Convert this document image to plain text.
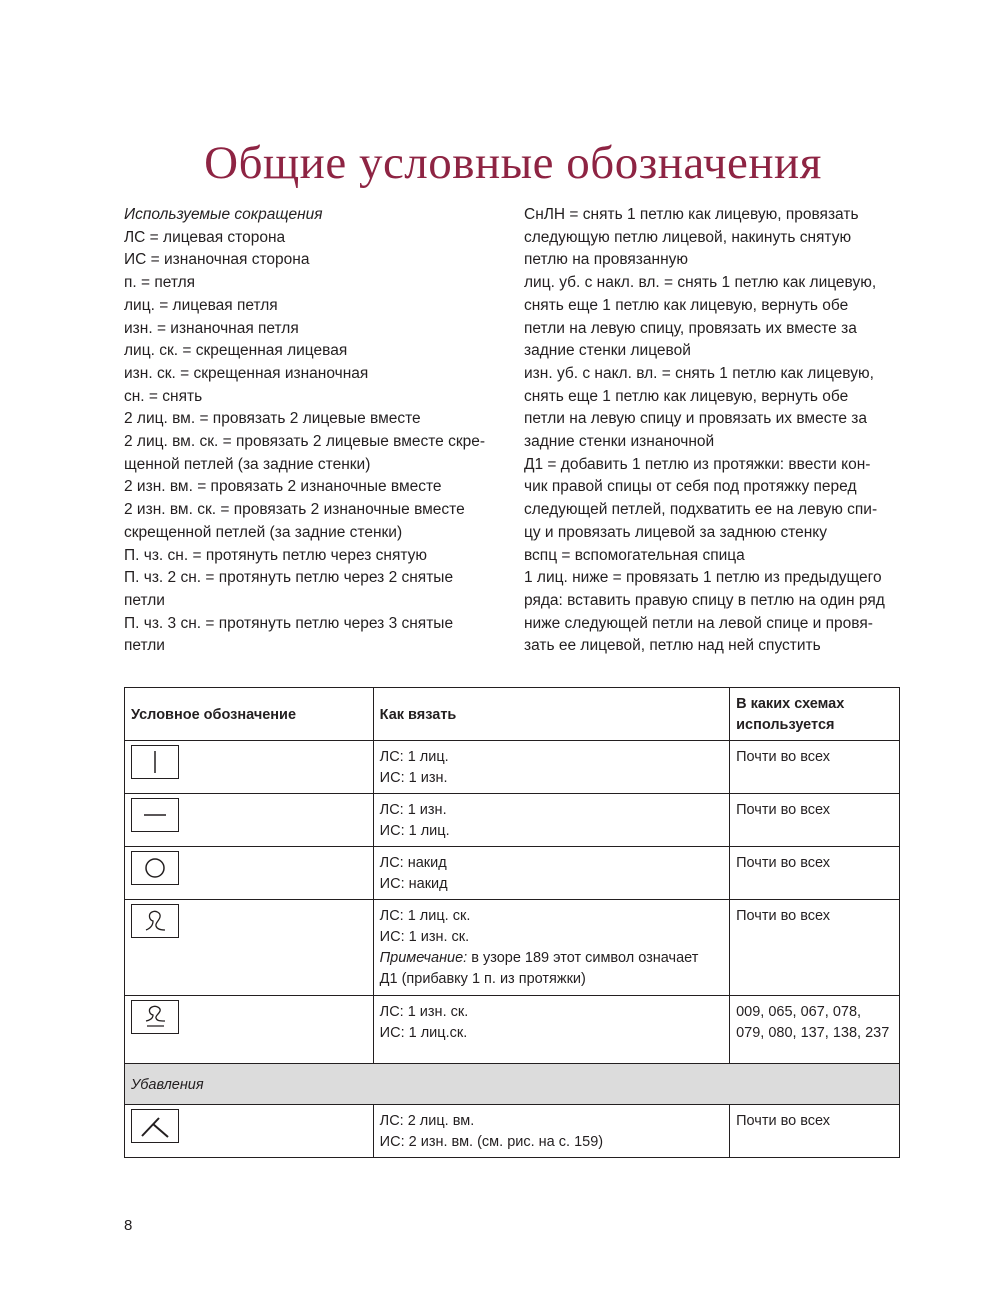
Общие условные обозначения
Используемые сокращения
ЛС = лицевая сторона
ИС = изнаночная сторона
п. = петля
лиц. = лицевая петля
изн. = изнаночная петля
лиц. ск. = скрещенная лицевая
изн. ск. = скрещенная изнаночная
сн. = снять
2 лиц. вм. = провязать 2 лицевые вместе
2 лиц. вм. ск. = провязать 2 лицевые вместе скре-
щенной петлей (за задние стенки)
2 изн. вм. = провязать 2 изнаночные вместе
2 изн. вм. ск. = провязать 2 изнаночные вместе
скрещенной петлей (за задние стенки)
П. чз. сн. = протянуть петлю через снятую
П. чз. 2 сн. = протянуть петлю через 2 снятые
петли
П. чз. 3 сн. = протянуть петлю через 3 снятые
петли
СнЛН = снять 1 петлю как лицевую, провязать
следующую петлю лицевой, накинуть снятую
петлю на провязанную
лиц. уб. с накл. вл. = снять 1 петлю как лицевую,
снять еще 1 петлю как лицевую, вернуть обе
петли на левую спицу, провязать их вместе за
задние стенки лицевой
изн. уб. с накл. вл. = снять 1 петлю как лицевую,
снять еще 1 петлю как лицевую, вернуть обе
петли на левую спицу и провязать их вместе за
задние стенки изнаночной
Д1 = добавить 1 петлю из протяжки: ввести кон-
чик правой спицы от себя под протяжку перед
следующей петлей, подхватить ее на левую спи-
цу и провязать лицевой за заднюю стенку
вспц = вспомогательная спица
1 лиц. ниже = провязать 1 петлю из предыдущего
ряда: вставить правую спицу в петлю на один ряд
ниже следующей петли на левой спице и провя-
зать ее лицевой, петлю над ней спустить
Условное обозначение	Как вязать	В каких схемах
используется

ЛС: 1 лиц.
ИС: 1 изн.	Почти во всех

ЛС: 1 изн.
ИС: 1 лиц.	Почти во всех

ЛС: накид
ИС: накид	Почти во всех

ЛС: 1 лиц. ск.
ИС: 1 изн. ск.
Примечание: в узоре 189 этот символ означает
Д1 (прибавку 1 п. из протяжки)	Почти во всех

ЛС: 1 изн. ск.
ИС: 1 лиц.ск.	009, 065, 067, 078,
079, 080, 137, 138, 237

Убавления		

ЛС: 2 лиц. вм.
ИС: 2 изн. вм. (см. рис. на с. 159)	Почти во всех
8
